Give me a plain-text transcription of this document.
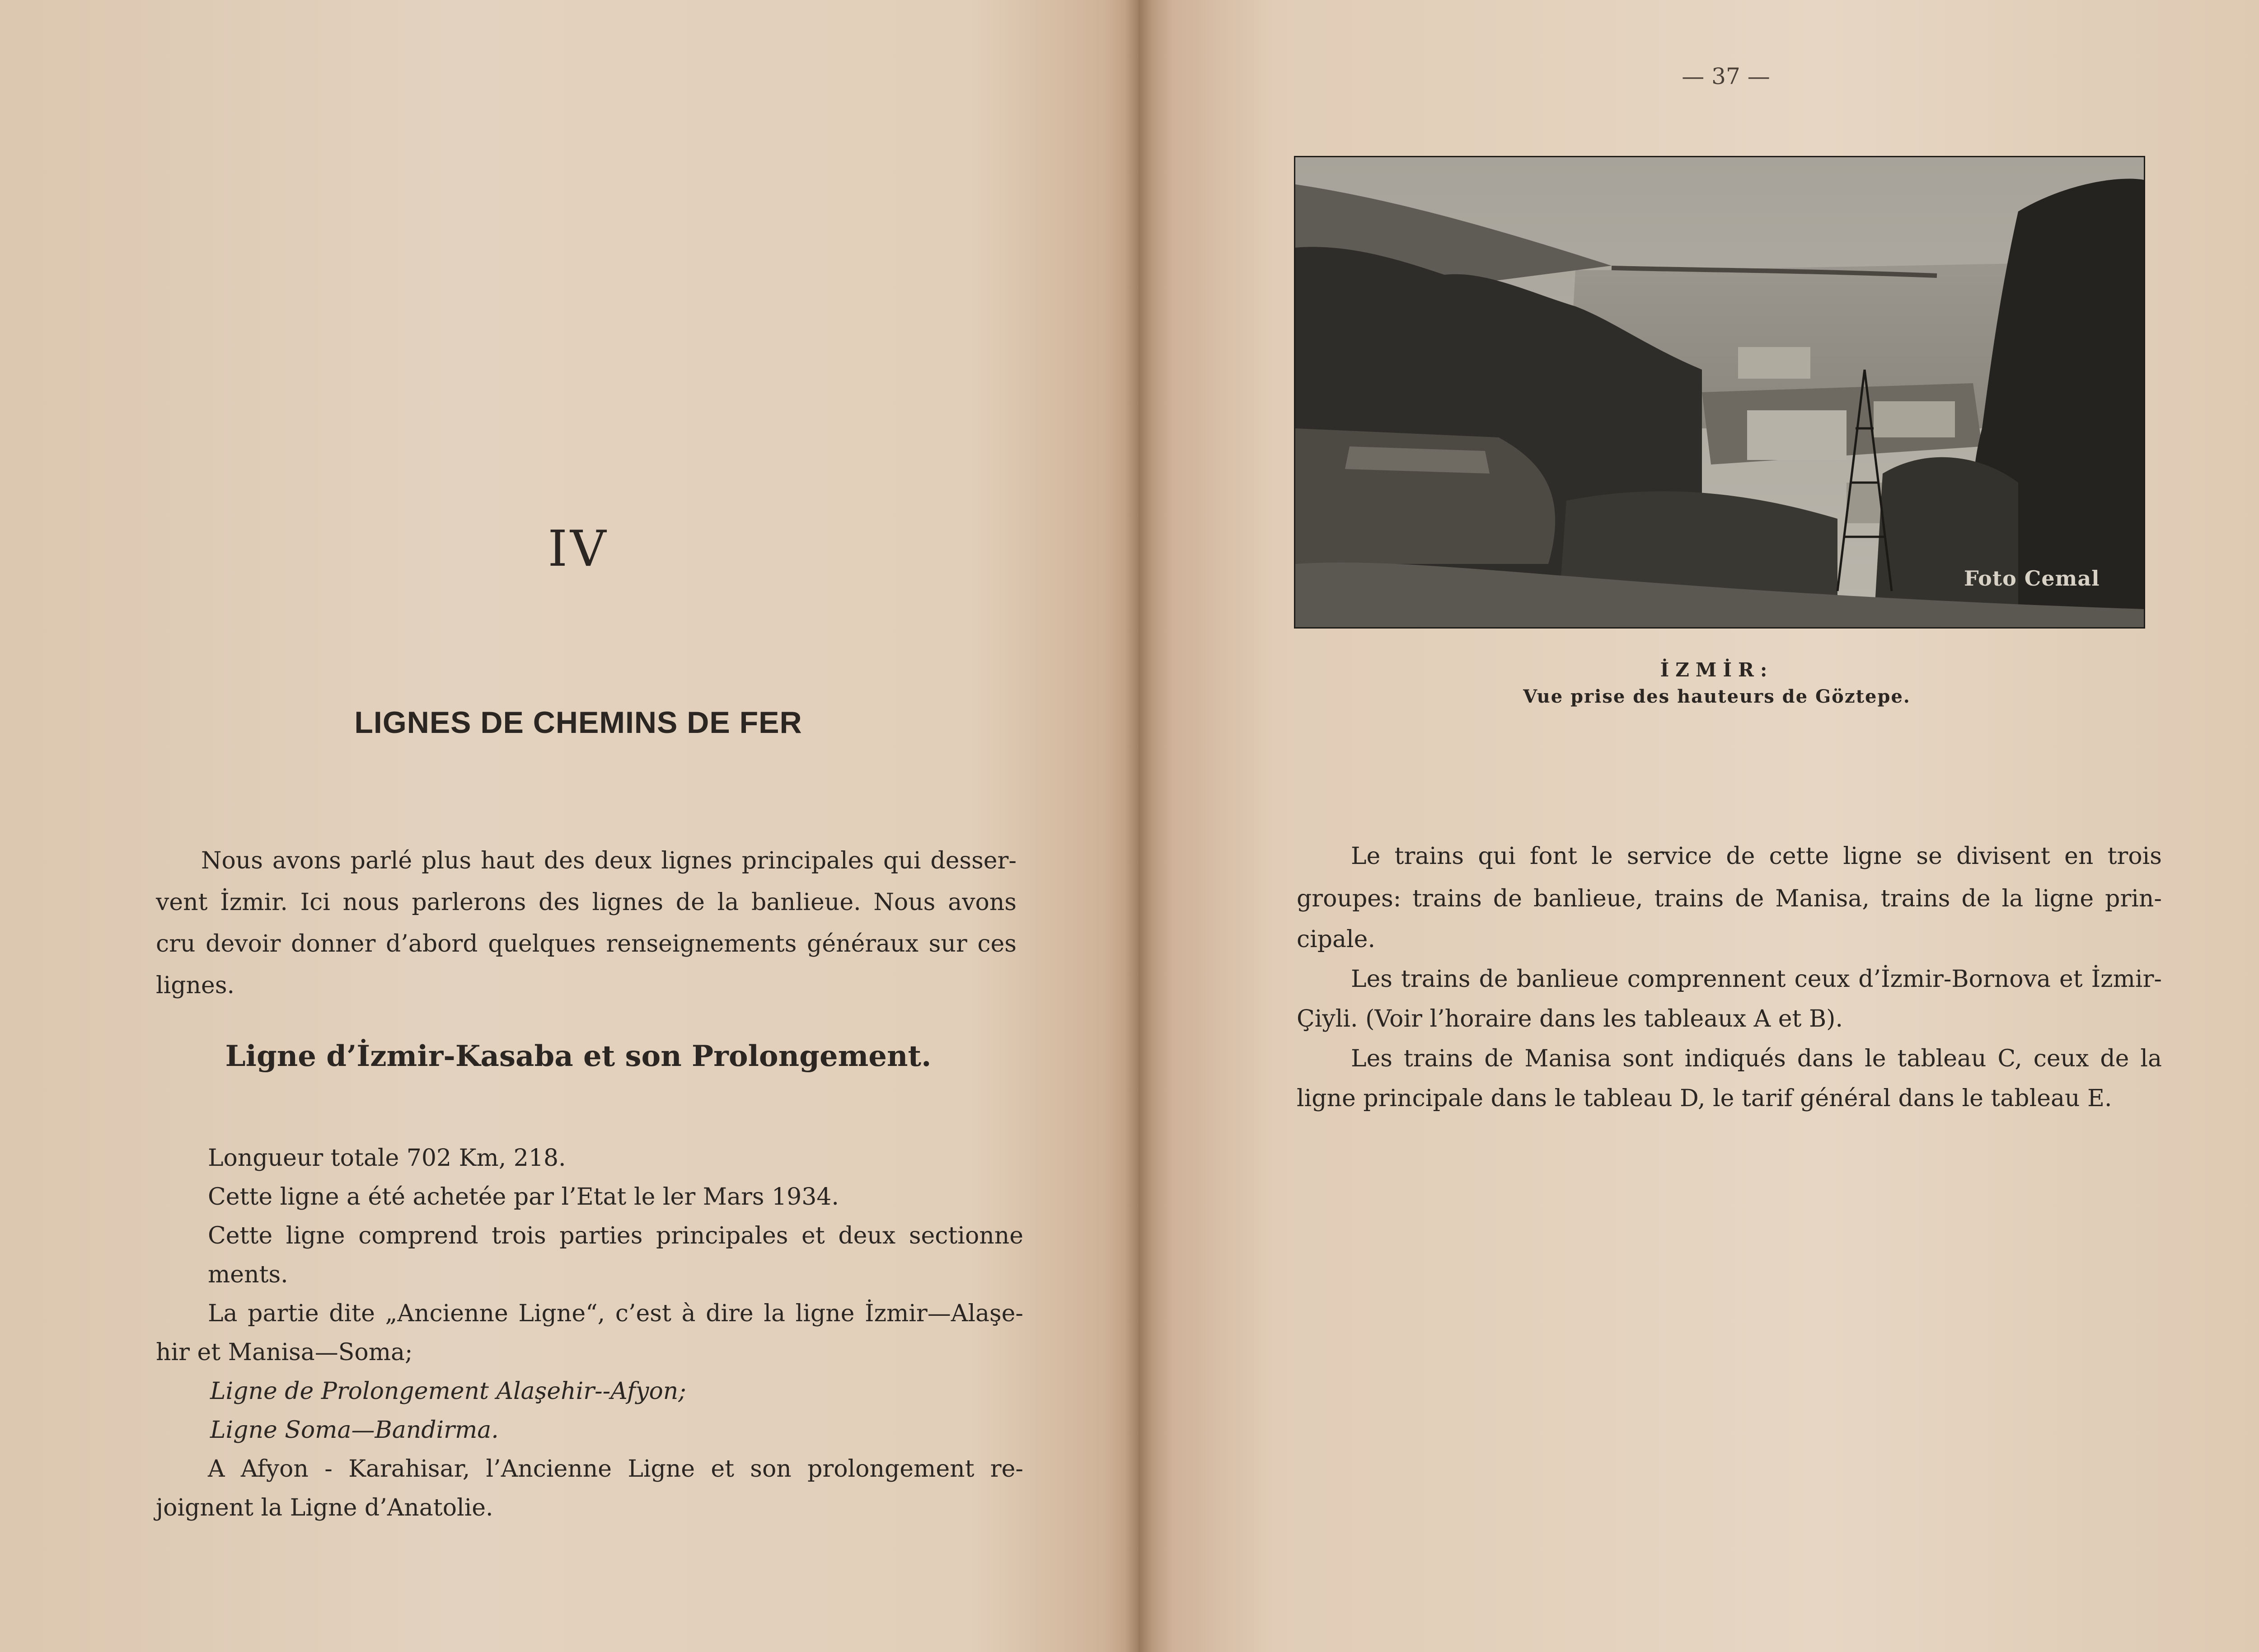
IV
LIGNES DE CHEMINS DE FER
Nous avons parlé plus haut des deux lignes principales qui desser-
vent İzmir. Ici nous parlerons des lignes de la banlieue. Nous avons
cru devoir donner d’abord quelques renseignements généraux sur ces
lignes.
Ligne d’İzmir-Kasaba et son Prolongement.
Longueur totale 702 Km, 218.
Cette ligne a été achetée par l’Etat le ler Mars 1934.
Cette ligne comprend trois parties principales et deux sectionne
ments.
La partie dite „Ancienne Ligne“, c’est à dire la ligne İzmir—Alaşe-
hir et Manisa—Soma;
Ligne de Prolongement Alaşehir--Afyon;
Ligne Soma—Bandirma.
A Afyon - Karahisar, l’Ancienne Ligne et son prolongement re-
joignent la Ligne d’Anatolie.
— 37 —
Foto Cemal
İZMİR:
Vue prise des hauteurs de Göztepe.
Le trains qui font le service de cette ligne se divisent en trois
groupes: trains de banlieue, trains de Manisa, trains de la ligne prin-
cipale.
Les trains de banlieue comprennent ceux d’İzmir-Bornova et İzmir-
Çiyli. (Voir l’horaire dans les tableaux A et B).
Les trains de Manisa sont indiqués dans le tableau C, ceux de la
ligne principale dans le tableau D, le tarif général dans le tableau E.
